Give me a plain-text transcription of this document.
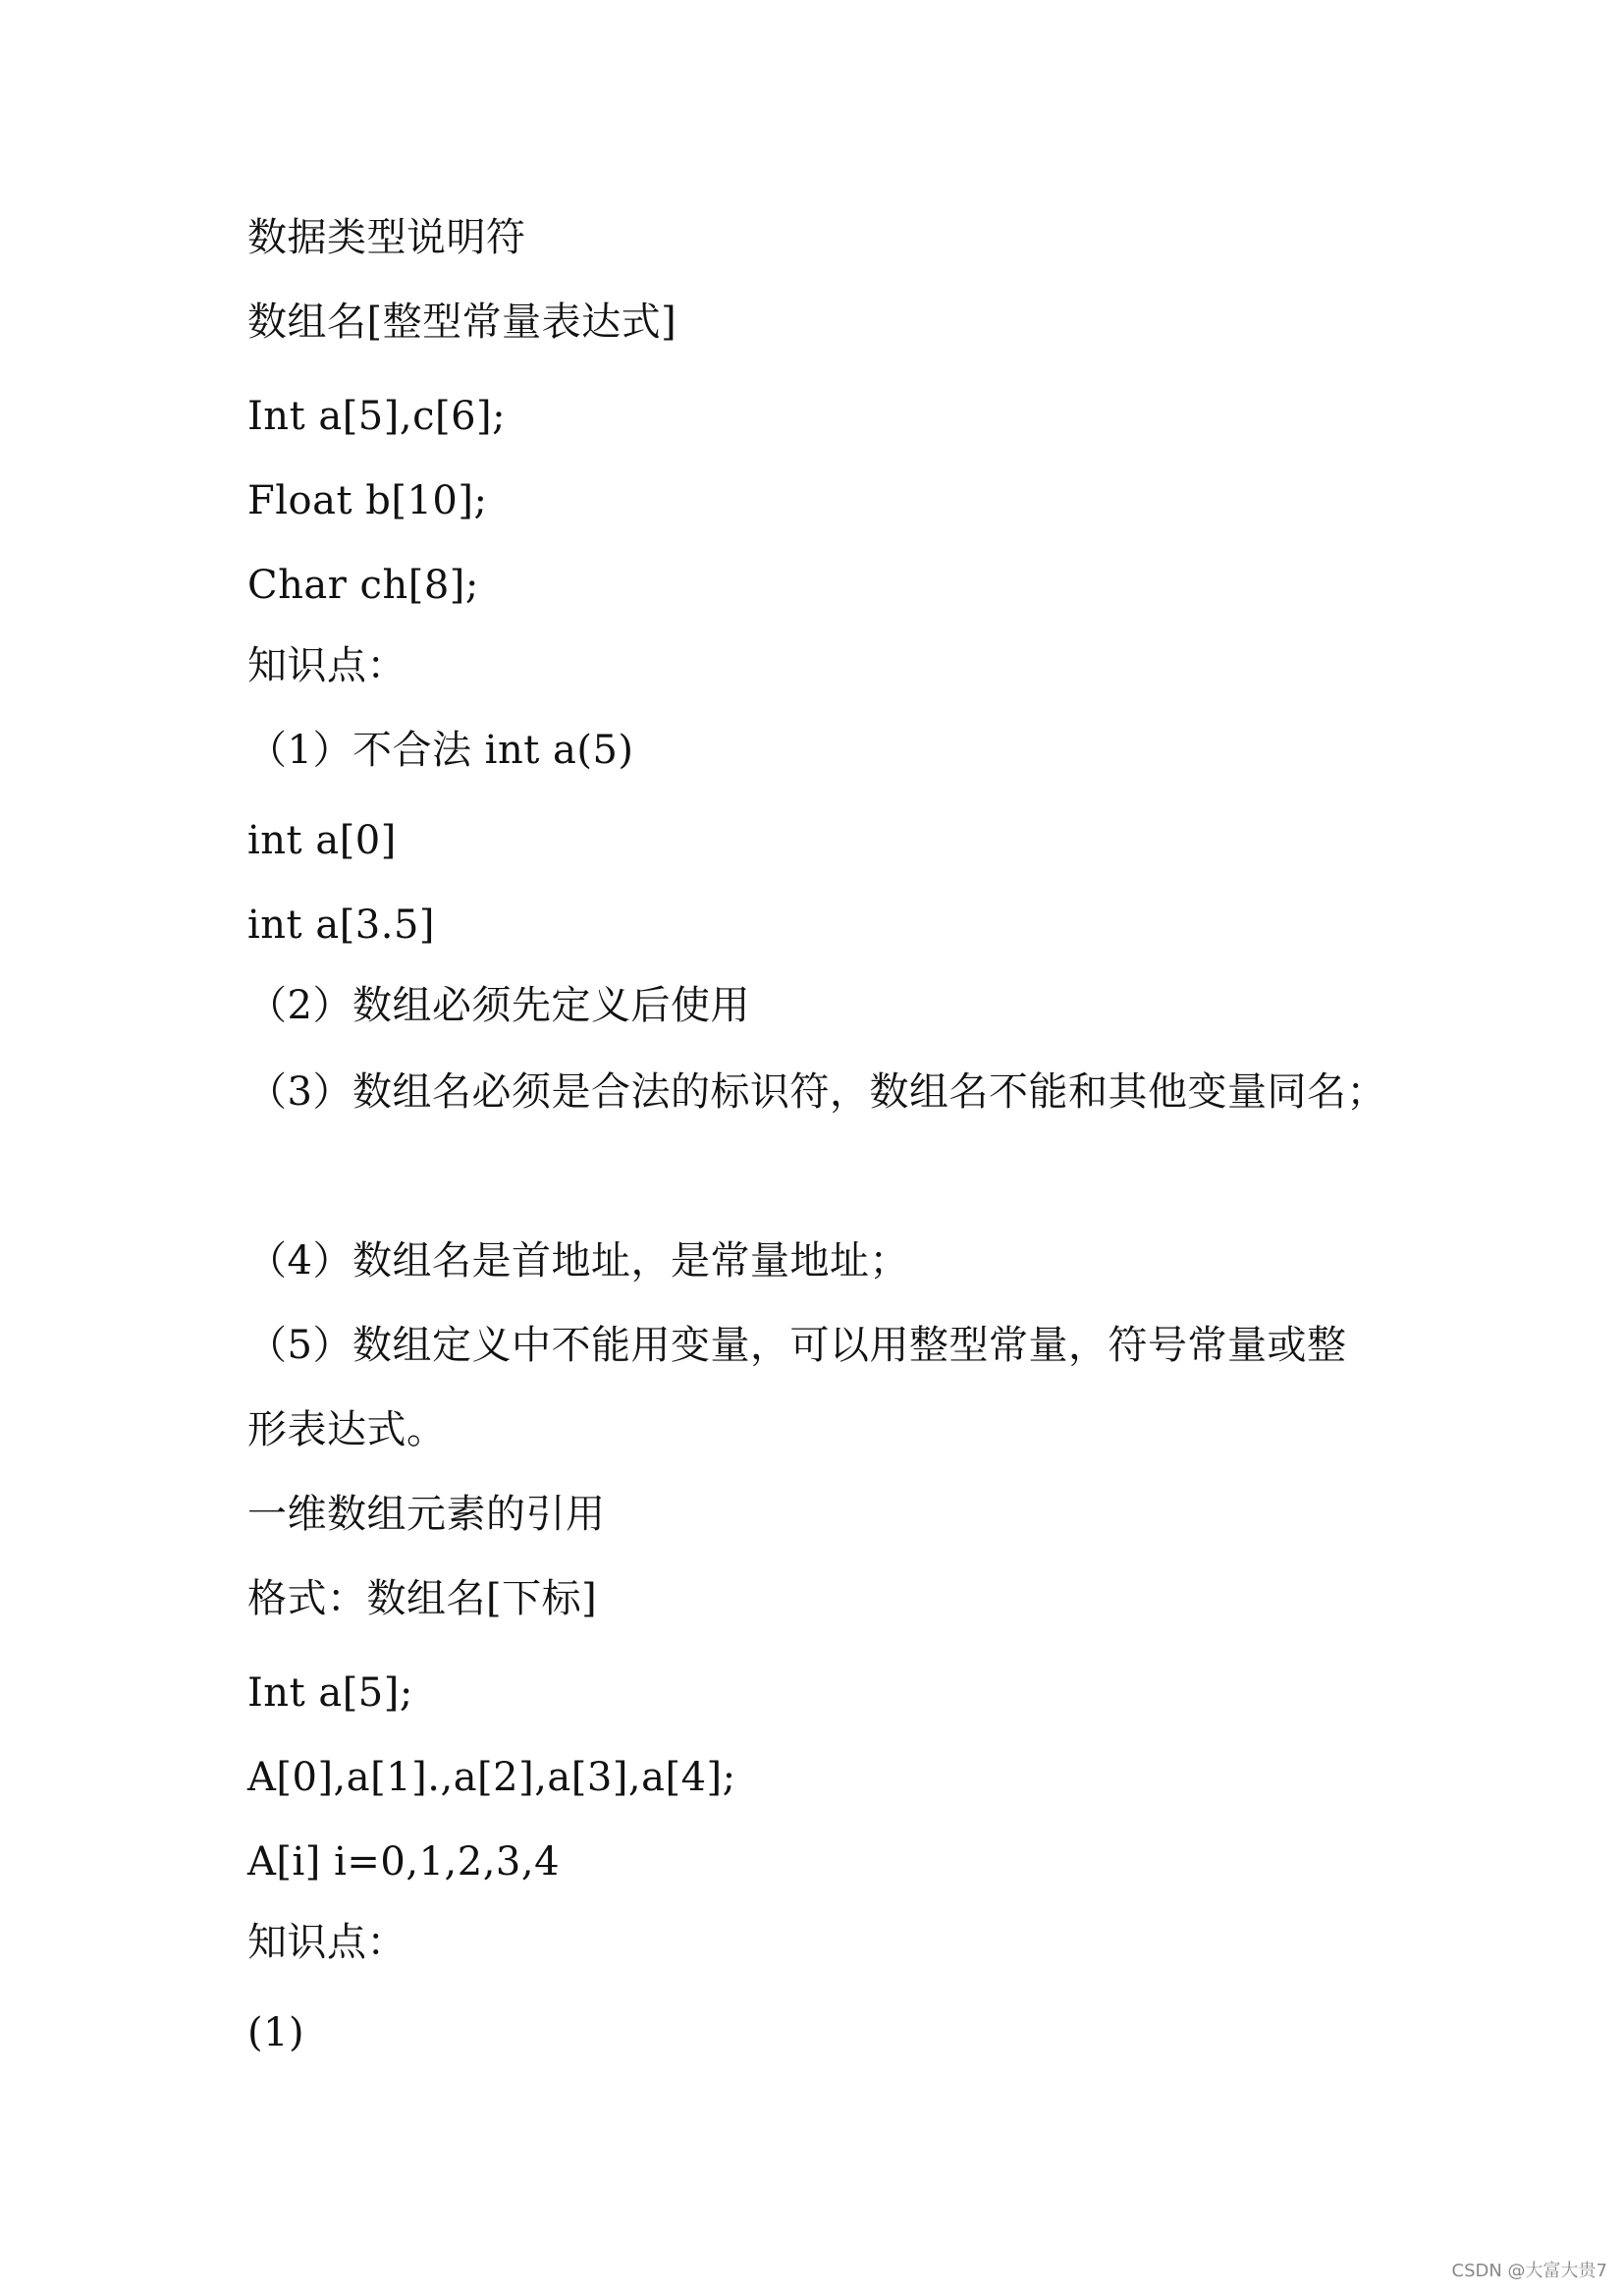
数据类型说明符
数组名[整型常量表达式]
Int a[5],c[6];
Float b[10];
Char ch[8];
知识点：
（1）不合法 int a(5)
int a[0]
int a[3.5]
（2）数组必须先定义后使用
（3）数组名必须是合法的标识符，数组名不能和其他变量同名；
（4）数组名是首地址，是常量地址；
（5）数组定义中不能用变量，可以用整型常量，符号常量或整
形表达式。
一维数组元素的引用
格式：数组名[下标]
Int a[5];
A[0],a[1].,a[2],a[3],a[4];
A[i] i=0,1,2,3,4
知识点：
(1)
CSDN @大富大贵7
